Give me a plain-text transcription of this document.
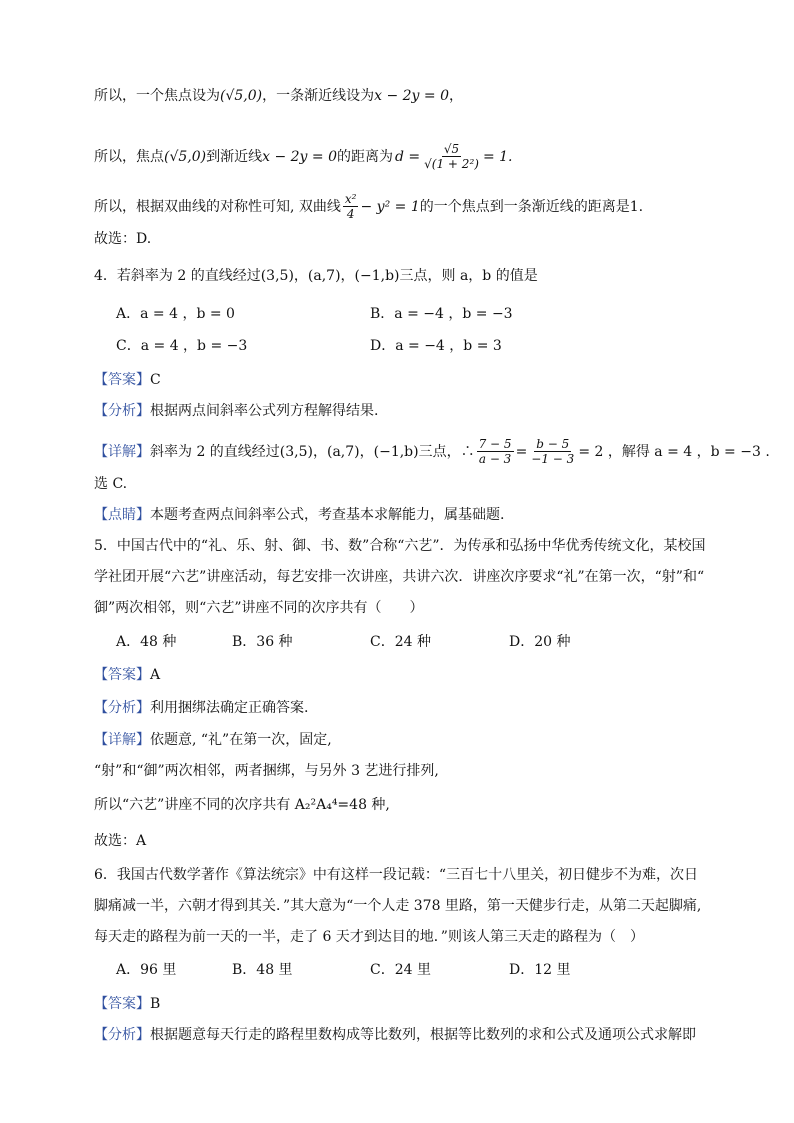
所以，一个焦点设为 (√5,0) ，一条渐近线设为 x − 2y = 0 ，
所以，焦点 (√5,0) 到渐近线 x − 2y = 0 的距离为 $d = \frac{√5}{\text{√(1 + 2²)}} = 1$.
所以，根据双曲线的对称性可知, 双曲线 $\frac{\text{x²}}{4} - y^2 = 1$ 的一个焦点到一条渐近线的距离是1.
故选：D.
4．若斜率为 2 的直线经过(3,5)，(a,7)，(−1,b)三点，则 a，b 的值是
A．a = 4 ，b = 0	B．a = −4 ，b = −3
C．a = 4 ，b = −3	D．a = −4 ，b = 3
【答案】 C
【分析】 根据两点间斜率公式列方程解得结果.
【详解】 斜率为 2 的直线经过(3,5)，(a,7)，(−1,b)三点，∴ $\frac{7 - 5}{a - 3} = \frac{b - 5}{-1 - 3} = 2$ ，解得 a = 4 ，b = −3 .
选 C.
【点睛】 本题考查两点间斜率公式，考查基本求解能力，属基础题.
5．中国古代中的“礼、乐、射、御、书、数”合称“六艺”．为传承和弘扬中华优秀传统文化，某校国
学社团开展“六艺”讲座活动，每艺安排一次讲座，共讲六次．讲座次序要求“礼”在第一次，“射”和“
御”两次相邻，则“六艺”讲座不同的次序共有（　　）
A．48 种	B．36 种	C．24 种	D．20 种
【答案】 A
【分析】 利用捆绑法确定正确答案.
【详解】 依题意, “礼”在第一次，固定,
“射”和“御”两次相邻，两者捆绑，与另外 3 艺进行排列,
所以“六艺”讲座不同的次序共有 A₂²A₄⁴=48 种,
故选：A
6．我国古代数学著作《算法统宗》中有这样一段记载：“三百七十八里关，初日健步不为难，次日
脚痛减一半，六朝才得到其关．”其大意为“一个人走 378 里路，第一天健步行走，从第二天起脚痛,
每天走的路程为前一天的一半，走了 6 天才到达目的地．”则该人第三天走的路程为（　）
A．96 里	B．48 里	C．24 里	D．12 里
【答案】 B
【分析】 根据题意每天行走的路程里数构成等比数列，根据等比数列的求和公式及通项公式求解即
